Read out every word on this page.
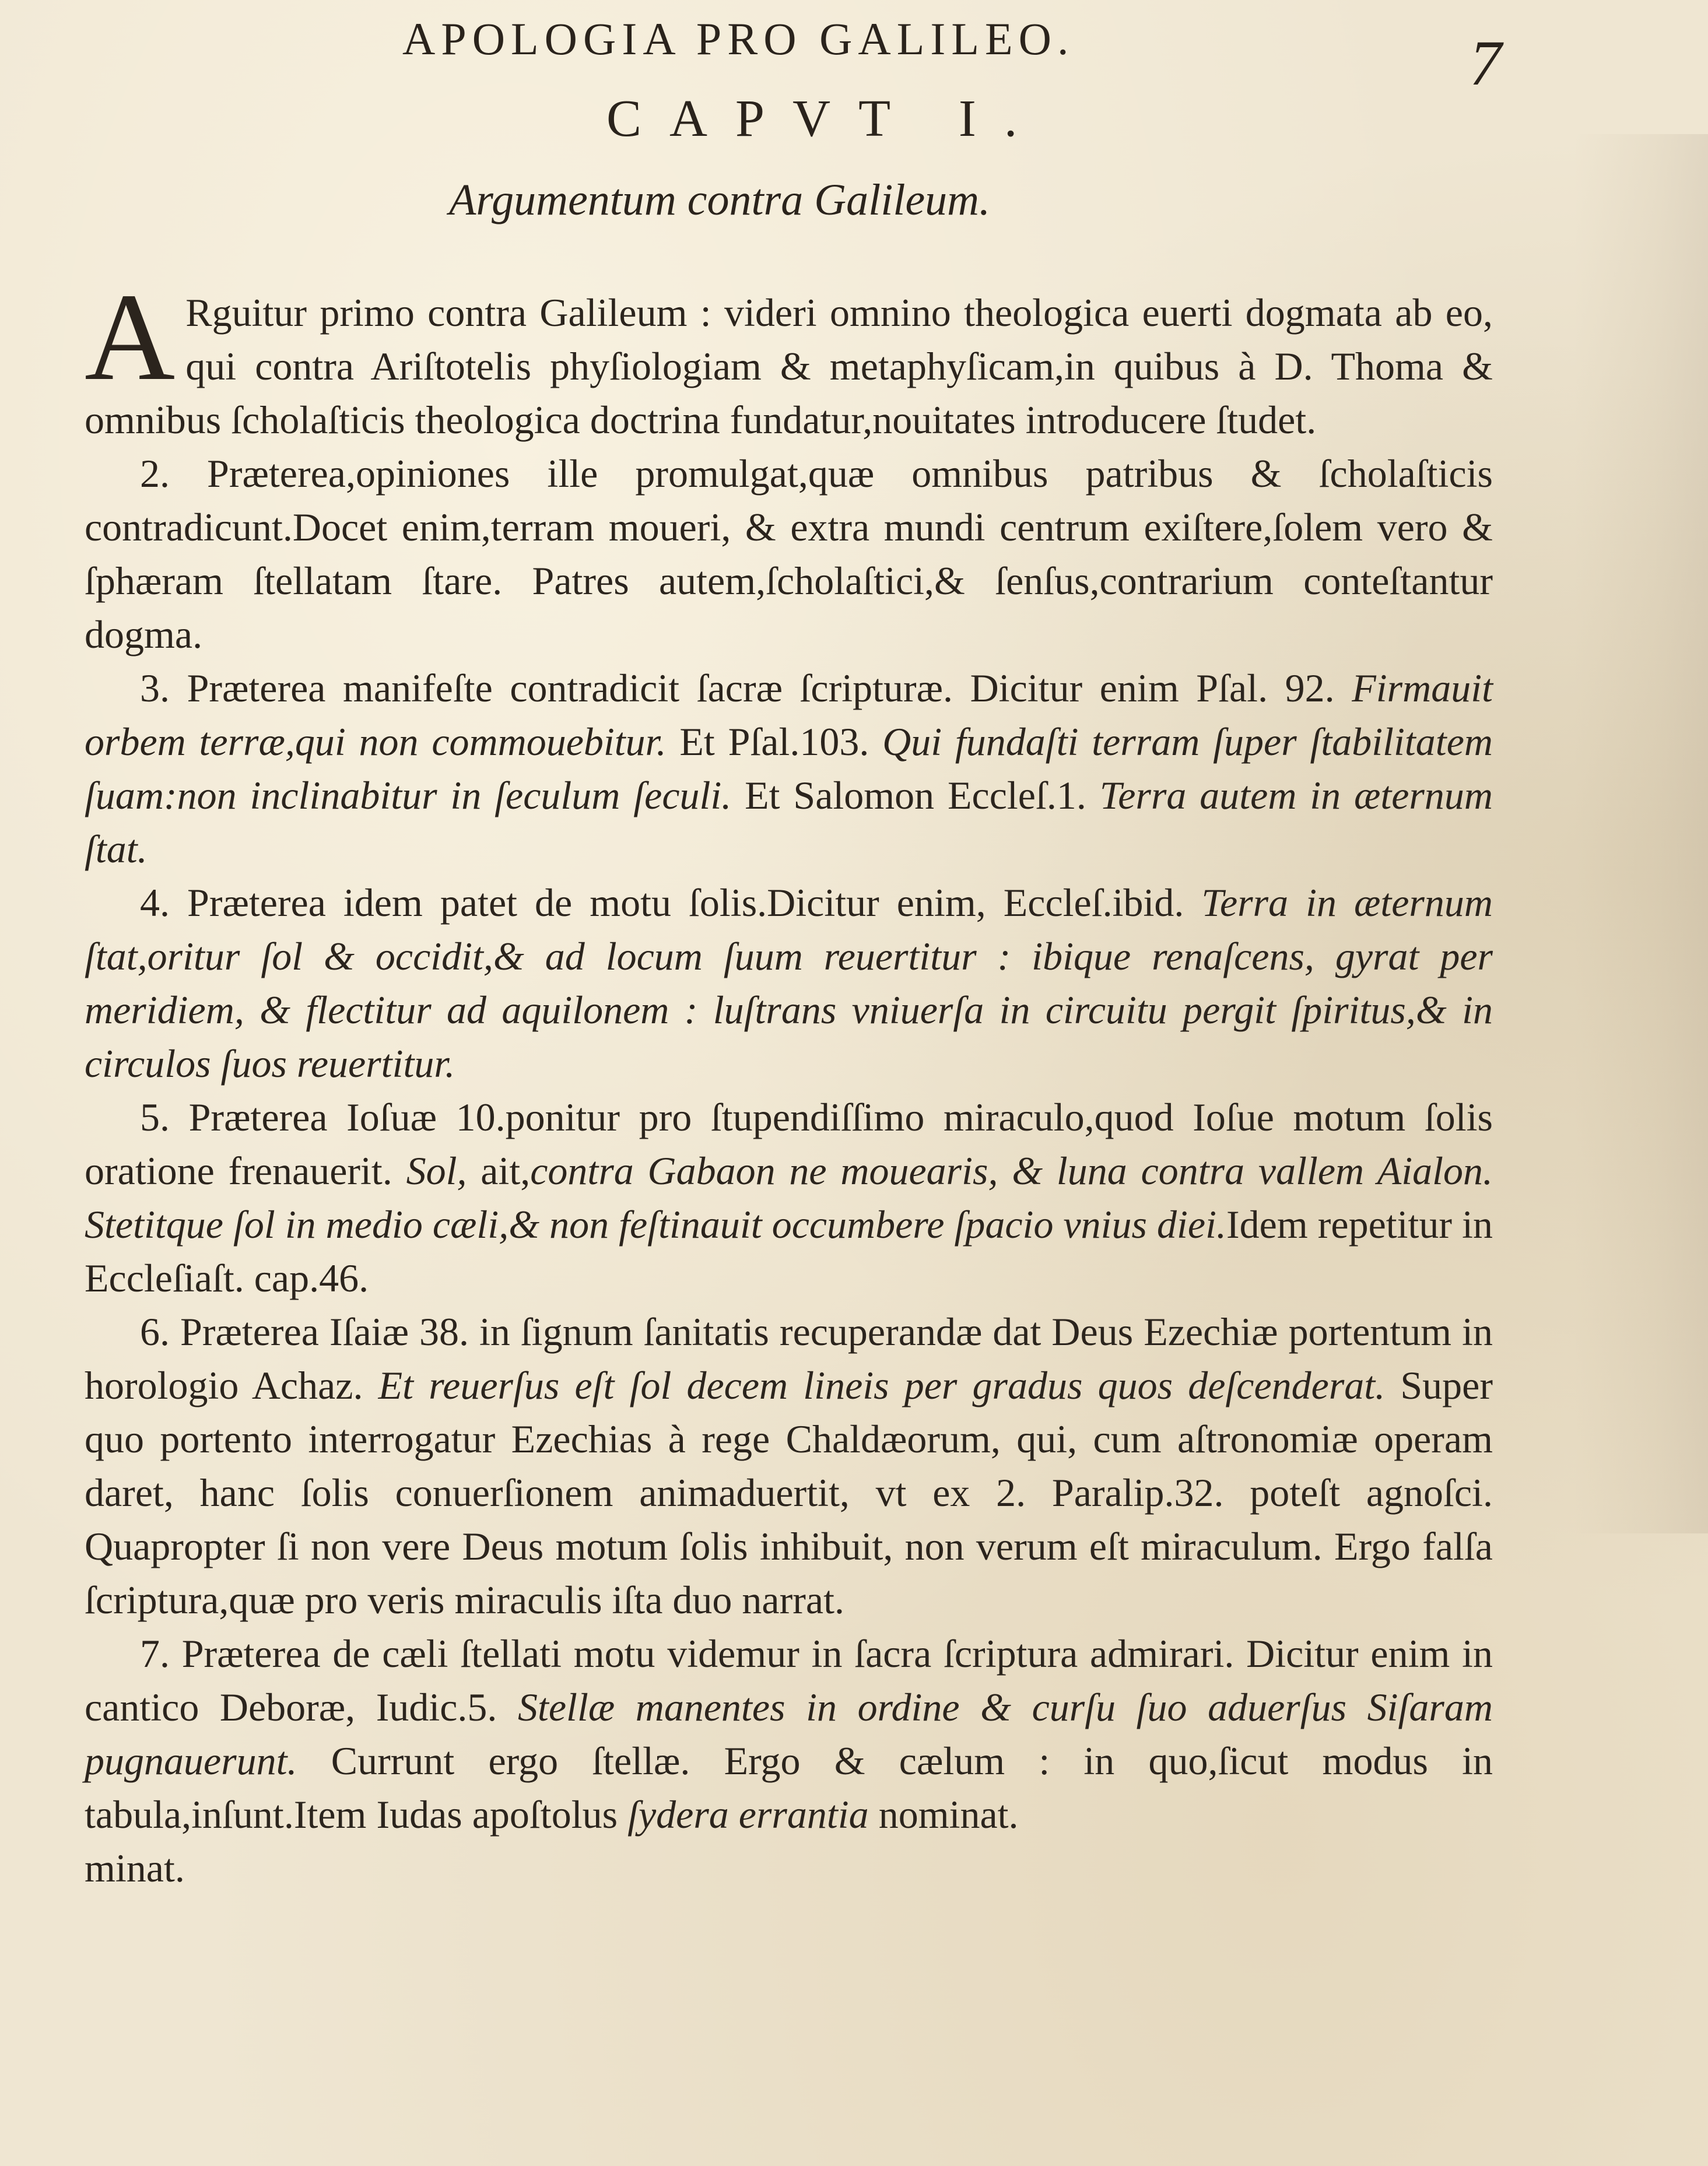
APOLOGIA PRO GALILEO.	7
CAPVT I.
Argumentum contra Galileum.

A Rguitur primo contra Galileum : videri omnino theologica euerti dogmata ab eo, qui contra Ariſtotelis phyſiologiam & metaphyſicam,in quibus à D. Thoma & omnibus ſcholaſticis theologica doctrina fundatur,nouitates introducere ſtudet.

2. Præterea,opiniones ille promulgat,quæ omnibus patribus & ſcholaſticis contradicunt.Docet enim,terram moueri, & extra mundi centrum exiſtere,ſolem vero & ſphæram ſtellatam ſtare. Patres autem,ſcholaſtici,& ſenſus,contrarium conteſtantur dogma.

3. Præterea manifeſte contradicit ſacræ ſcripturæ. Dicitur enim Pſal. 92. Firmauit orbem terræ,qui non commouebitur. Et Pſal.103. Qui fundaſti terram ſuper ſtabilitatem ſuam:non inclinabitur in ſeculum ſeculi. Et Salomon Eccleſ.1. Terra autem in æternum ſtat.

4. Præterea idem patet de motu ſolis.Dicitur enim, Eccleſ.ibid. Terra in æternum ſtat,oritur ſol & occidit,& ad locum ſuum reuertitur : ibique renaſcens, gyrat per meridiem, & flectitur ad aquilonem : luſtrans vniuerſa in circuitu pergit ſpiritus,& in circulos ſuos reuertitur.

5. Præterea Ioſuæ 10.ponitur pro ſtupendiſſimo miraculo,quod Ioſue motum ſolis oratione frenauerit. Sol, ait,contra Gabaon ne mouearis, & luna contra vallem Aialon. Stetitque ſol in medio cæli,& non feſtinauit occumbere ſpacio vnius diei.Idem repetitur in Eccleſiaſt. cap.46.

6. Præterea Iſaiæ 38. in ſignum ſanitatis recuperandæ dat Deus Ezechiæ portentum in horologio Achaz. Et reuerſus eſt ſol decem lineis per gradus quos deſcenderat. Super quo portento interrogatur Ezechias à rege Chaldæorum, qui, cum aſtronomiæ operam daret, hanc ſolis conuerſionem animaduertit, vt ex 2. Paralip.32. poteſt agnoſci. Quapropter ſi non vere Deus motum ſolis inhibuit, non verum eſt miraculum. Ergo falſa ſcriptura,quæ pro veris miraculis iſta duo narrat.

7. Præterea de cæli ſtellati motu videmur in ſacra ſcriptura admirari. Dicitur enim in cantico Deboræ, Iudic.5. Stellæ manentes in ordine & curſu ſuo aduerſus Siſaram pugnauerunt. Currunt ergo ſtellæ. Ergo & cælum : in quo,ſicut modus in tabula,inſunt.Item Iudas apoſtolus ſydera errantia nominat.

minat.
